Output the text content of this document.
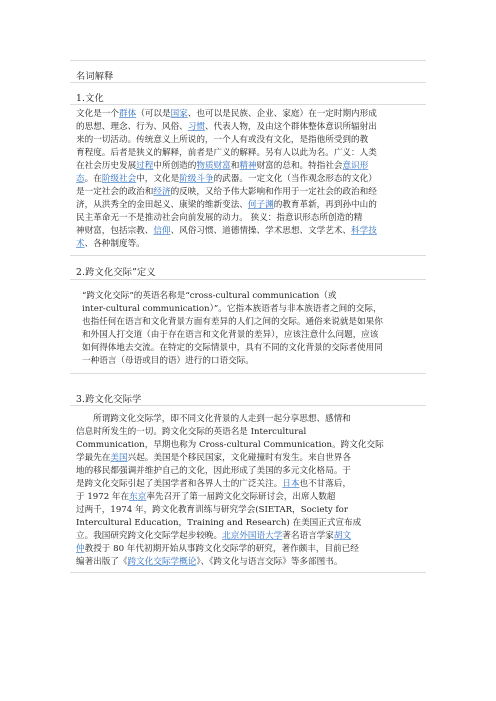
名词解释
1.文化
文化是一个群体（可以是国家、也可以是民族、企业、家庭）在一定时期内形成
的思想、理念、行为、风俗、习惯、代表人物，及由这个群体整体意识所辐射出
来的一切活动。传统意义上所说的，一个人有或没有文化，是指他所受到的教
育程度。后者是狭义的解释，前者是广义的解释。另有人以此为名。广义：人类
在社会历史发展过程中所创造的物质财富和精神财富的总和。特指社会意识形
态。在阶级社会中，文化是阶级斗争的武器。一定文化（当作观念形态的文化）
是一定社会的政治和经济的反映，又给予伟大影响和作用于一定社会的政治和经
济，从洪秀全的金田起义、康梁的维新变法、何子渊的教育革新，再到孙中山的
民主革命无一不是推动社会向前发展的动力。 狭义：指意识形态所创造的精
神财富，包括宗教、信仰、风俗习惯、道德情操、学术思想、文学艺术、科学技
术、各种制度等。
2.跨文化交际”定义
“跨文化交际”的英语名称是“cross-cultural communication（或
inter-cultural communication）”。它指本族语者与非本族语者之间的交际，
也指任何在语言和文化背景方面有差异的人们之间的交际。通俗来说就是如果你
和外国人打交道（由于存在语言和文化背景的差异），应该注意什么问题，应该
如何得体地去交流。在特定的交际情景中，具有不同的文化背景的交际者使用同
一种语言（母语或目的语）进行的口语交际。
3.跨文化交际学
所谓跨文化交际学，即不同文化背景的人走到一起分享思想、感情和
信息时所发生的一切。跨文化交际的英语名是 Intercultural
Communication，早期也称为 Cross-cultural Communication。跨文化交际
学最先在美国兴起。美国是个移民国家，文化碰撞时有发生。来自世界各
地的移民都强调并维护自己的文化，因此形成了美国的多元文化格局。于
是跨文化交际引起了美国学者和各界人士的广泛关注。日本也不甘落后，
于 1972 年在东京率先召开了第一届跨文化交际研讨会，出席人数超
过两千，1974 年，跨文化教育训练与研究学会(SIETAR，Society for
Intercultural Education，Training and Research) 在美国正式宣布成
立。我国研究跨文化交际学起步较晚。北京外国语大学著名语言学家胡文
仲教授于 80 年代初期开始从事跨文化交际学的研究，著作颇丰，目前已经
编著出版了《跨文化交际学概论》、《跨文化与语言交际》等多部图书。
